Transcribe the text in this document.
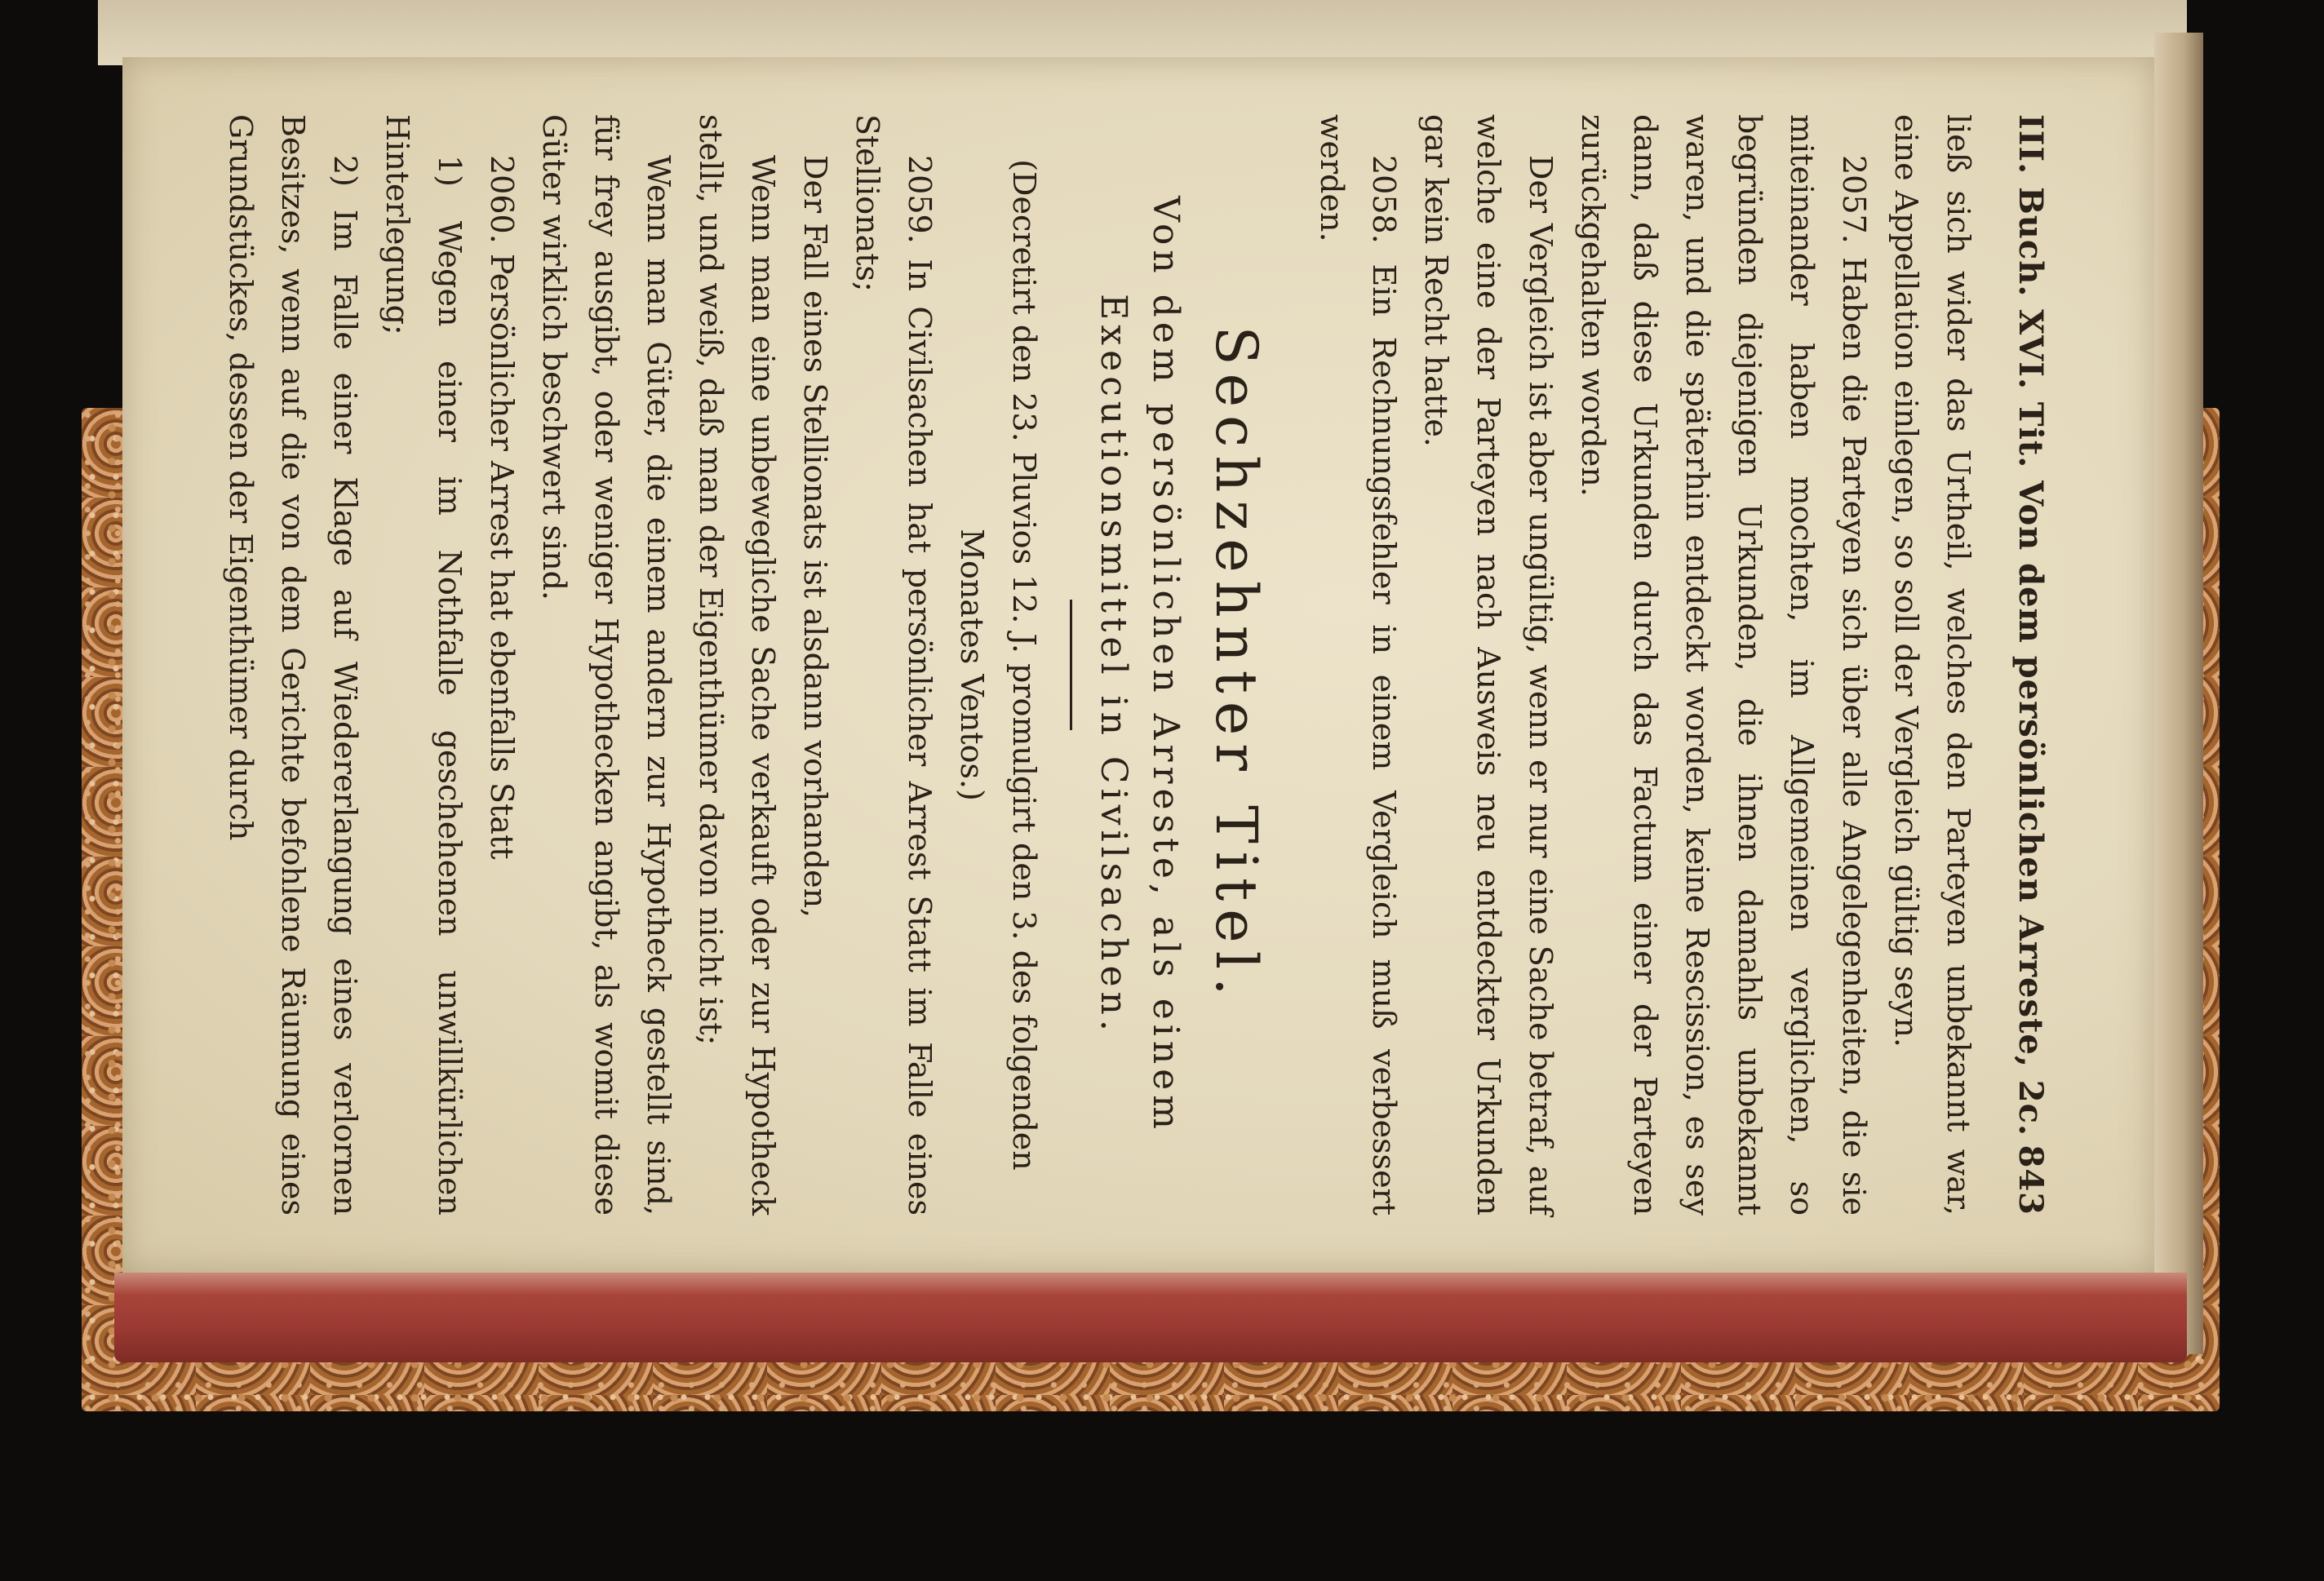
III. Buch. XVI. Tit. Von dem persönlichen Arreste, 2c.
843

ließ sich wider das Urtheil, welches den Parteyen unbekannt war, eine Appellation einlegen, so soll der Vergleich gültig seyn.

2057. Haben die Parteyen sich über alle Angelegenheiten, die sie miteinander haben mochten, im Allgemeinen verglichen, so begründen diejenigen Urkunden, die ihnen damahls unbekannt waren, und die späterhin entdeckt worden, keine Rescission, es sey dann, daß diese Urkunden durch das Factum einer der Parteyen zurückgehalten worden.

Der Vergleich ist aber ungültig, wenn er nur eine Sache betraf, auf welche eine der Parteyen nach Ausweis neu entdeckter Urkunden gar kein Recht hatte.

2058. Ein Rechnungsfehler in einem Vergleich muß verbessert werden.

Sechzehnter Titel.
Von dem persönlichen Arreste, als einem
Executionsmittel in Civilsachen.

(Decretirt den 23. Pluvios 12. J. promulgirt den 3. des folgenden Monates Ventos.)

2059. In Civilsachen hat persönlicher Arrest Statt im Falle eines Stellionats;

Der Fall eines Stellionats ist alsdann vorhanden,

Wenn man eine unbewegliche Sache verkauft oder zur Hypotheck stellt, und weiß, daß man der Eigenthümer davon nicht ist;

Wenn man Güter, die einem andern zur Hypotheck gestellt sind, für frey ausgibt, oder weniger Hypothecken angibt, als womit diese Güter wirklich beschwert sind.

2060. Persönlicher Arrest hat ebenfalls Statt

1) Wegen einer im Nothfalle geschehenen unwillkürlichen Hinterlegung;

2) Im Falle einer Klage auf Wiedererlangung eines verlornen Besitzes, wenn auf die von dem Gerichte befohlene Räumung eines Grundstückes, dessen der Eigenthümer durch
